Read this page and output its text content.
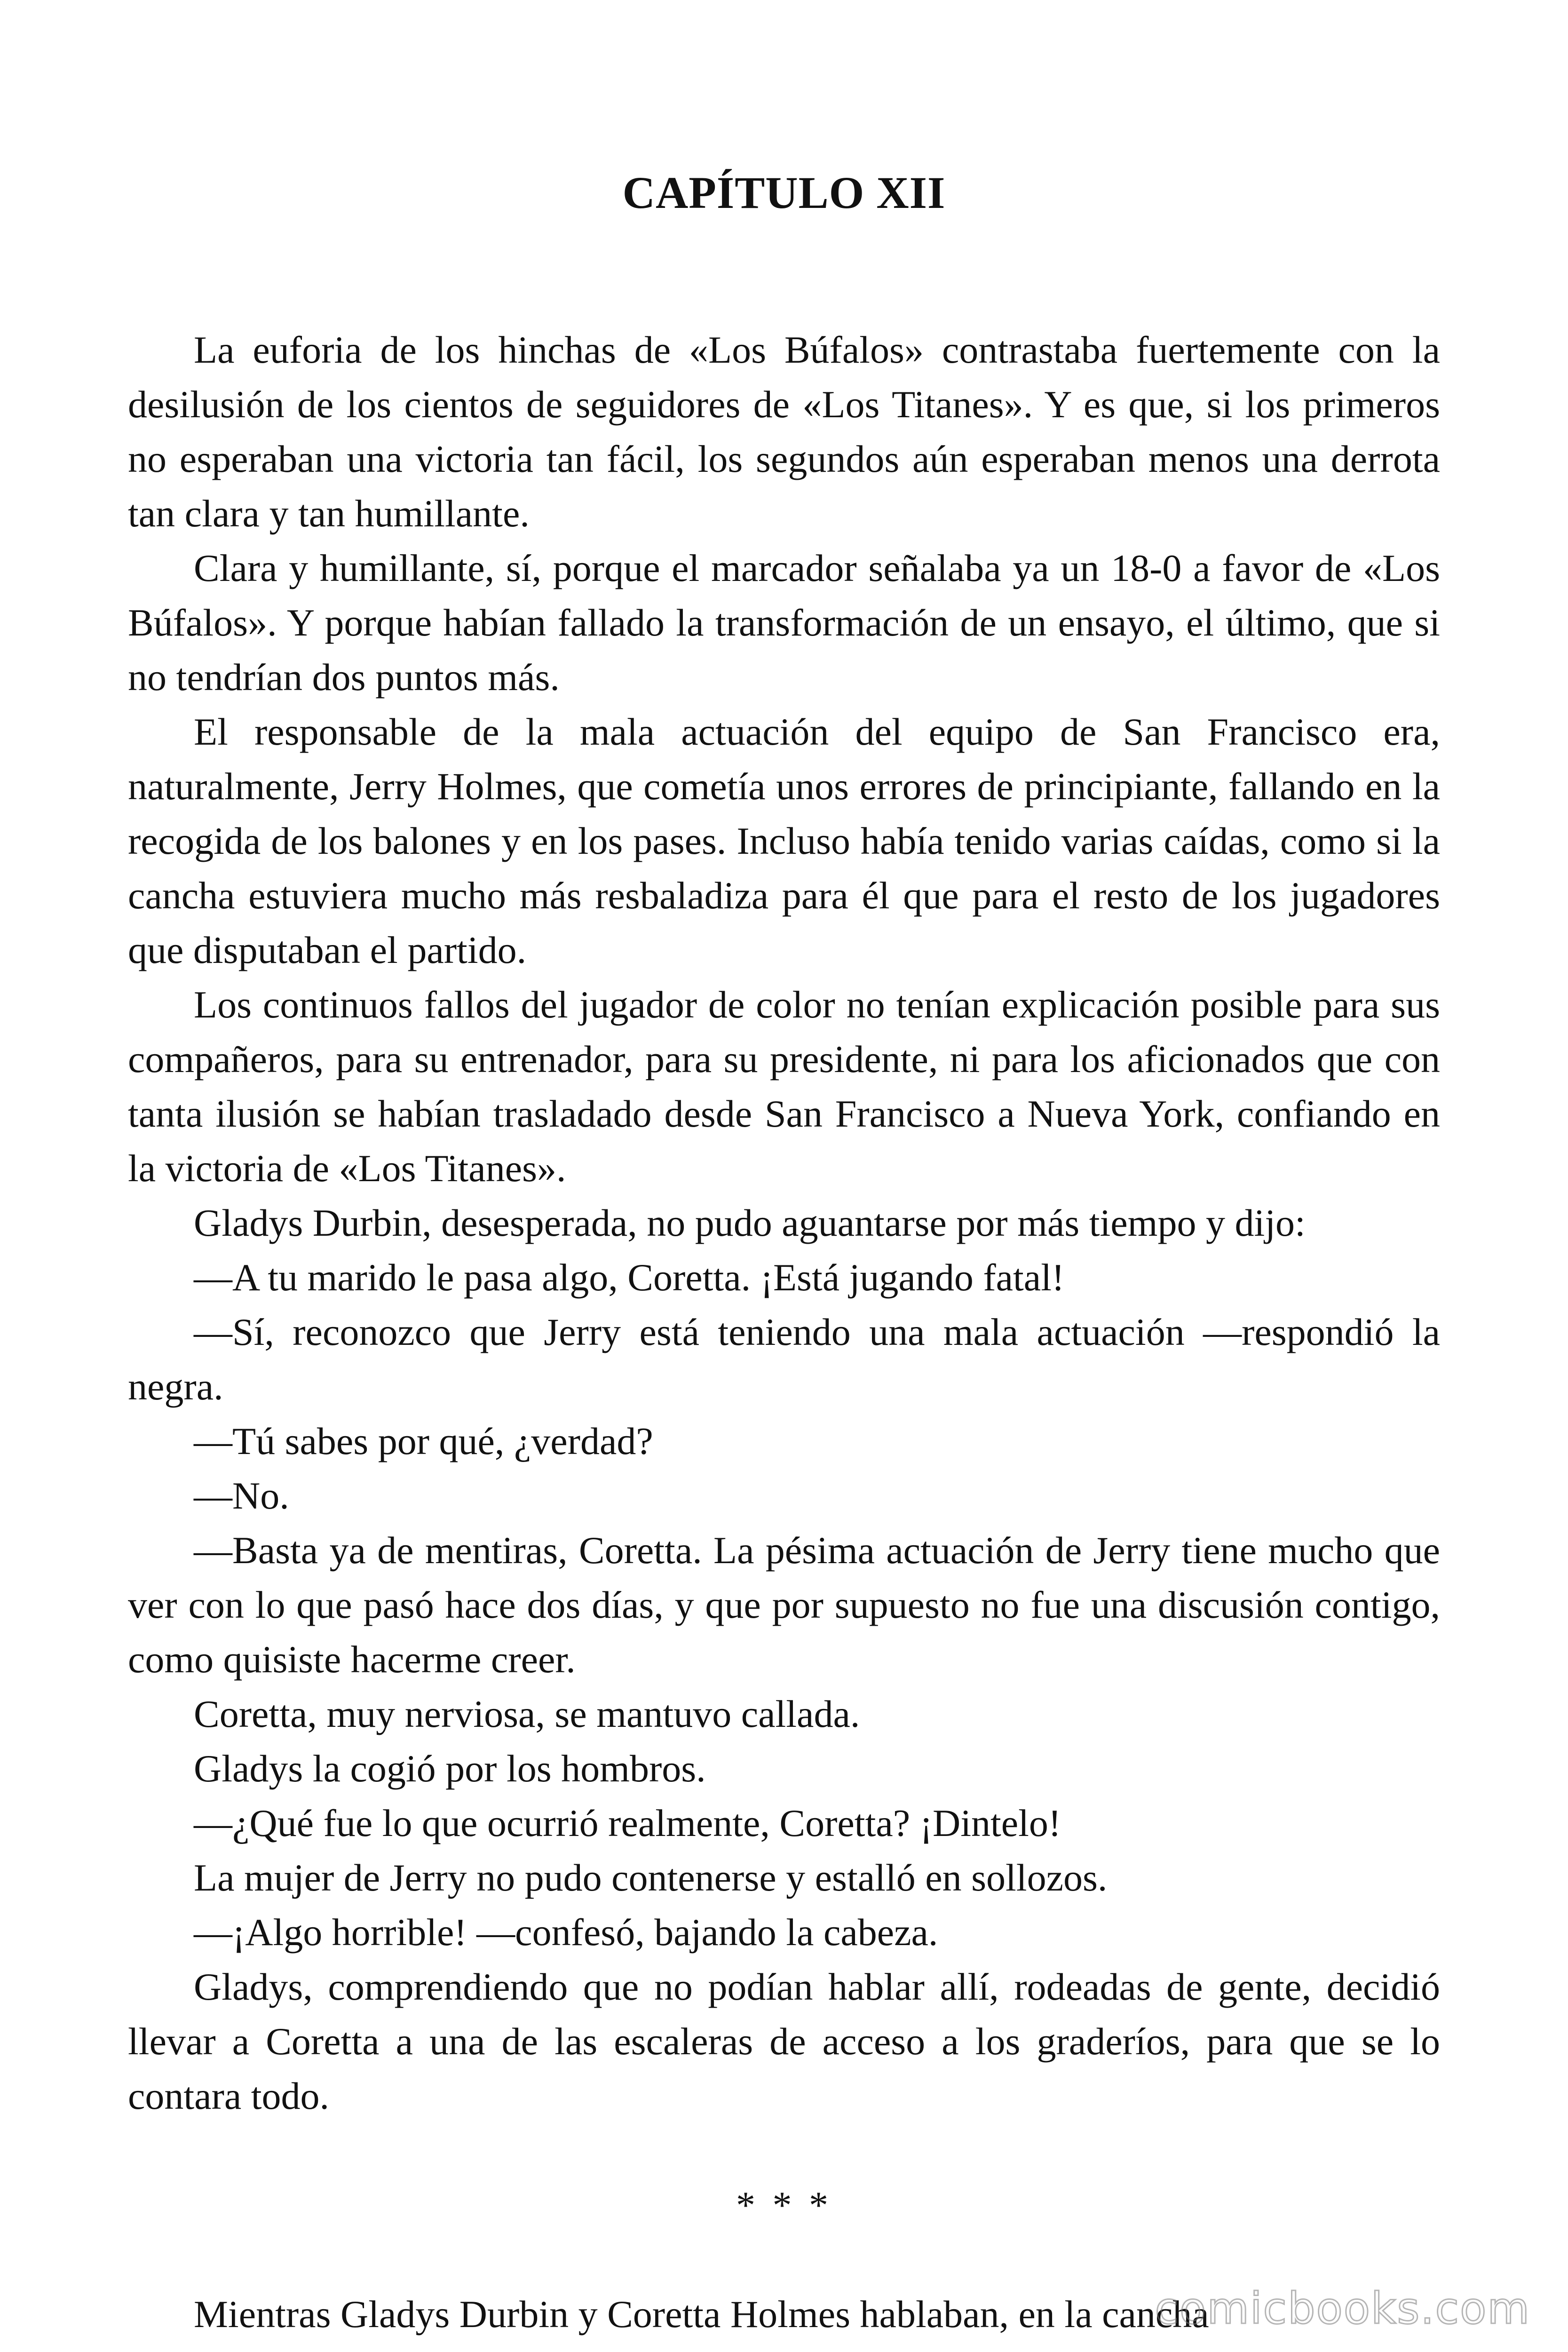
CAPÍTULO XII

La euforia de los hinchas de «Los Búfalos» contrastaba fuertemente con la desilusión de los cientos de seguidores de «Los Titanes». Y es que, si los primeros no esperaban una victoria tan fácil, los segundos aún esperaban menos una derrota tan clara y tan humillante.

Clara y humillante, sí, porque el marcador señalaba ya un 18-0 a favor de «Los Búfalos». Y porque habían fallado la transformación de un ensayo, el último, que si no tendrían dos puntos más.

El responsable de la mala actuación del equipo de San Francisco era, naturalmente, Jerry Holmes, que cometía unos errores de principiante, fallando en la recogida de los balones y en los pases. Incluso había tenido varias caídas, como si la cancha estuviera mucho más resbaladiza para él que para el resto de los jugadores que disputaban el partido.

Los continuos fallos del jugador de color no tenían explicación posible para sus compañeros, para su entrenador, para su presidente, ni para los aficionados que con tanta ilusión se habían trasladado desde San Francisco a Nueva York, confiando en la victoria de «Los Titanes».

Gladys Durbin, desesperada, no pudo aguantarse por más tiempo y dijo:

—A tu marido le pasa algo, Coretta. ¡Está jugando fatal!

—Sí, reconozco que Jerry está teniendo una mala actuación —respondió la negra.

—Tú sabes por qué, ¿verdad?

—No.

—Basta ya de mentiras, Coretta. La pésima actuación de Jerry tiene mucho que ver con lo que pasó hace dos días, y que por supuesto no fue una discusión contigo, como quisiste hacerme creer.

Coretta, muy nerviosa, se mantuvo callada.

Gladys la cogió por los hombros.

—¿Qué fue lo que ocurrió realmente, Coretta? ¡Dintelo!

La mujer de Jerry no pudo contenerse y estalló en sollozos.

—¡Algo horrible! —confesó, bajando la cabeza.

Gladys, comprendiendo que no podían hablar allí, rodeadas de gente, decidió llevar a Coretta a una de las escaleras de acceso a los graderíos, para que se lo contara todo.

* * *

Mientras Gladys Durbin y Coretta Holmes hablaban, en la cancha

comicbooks.com
